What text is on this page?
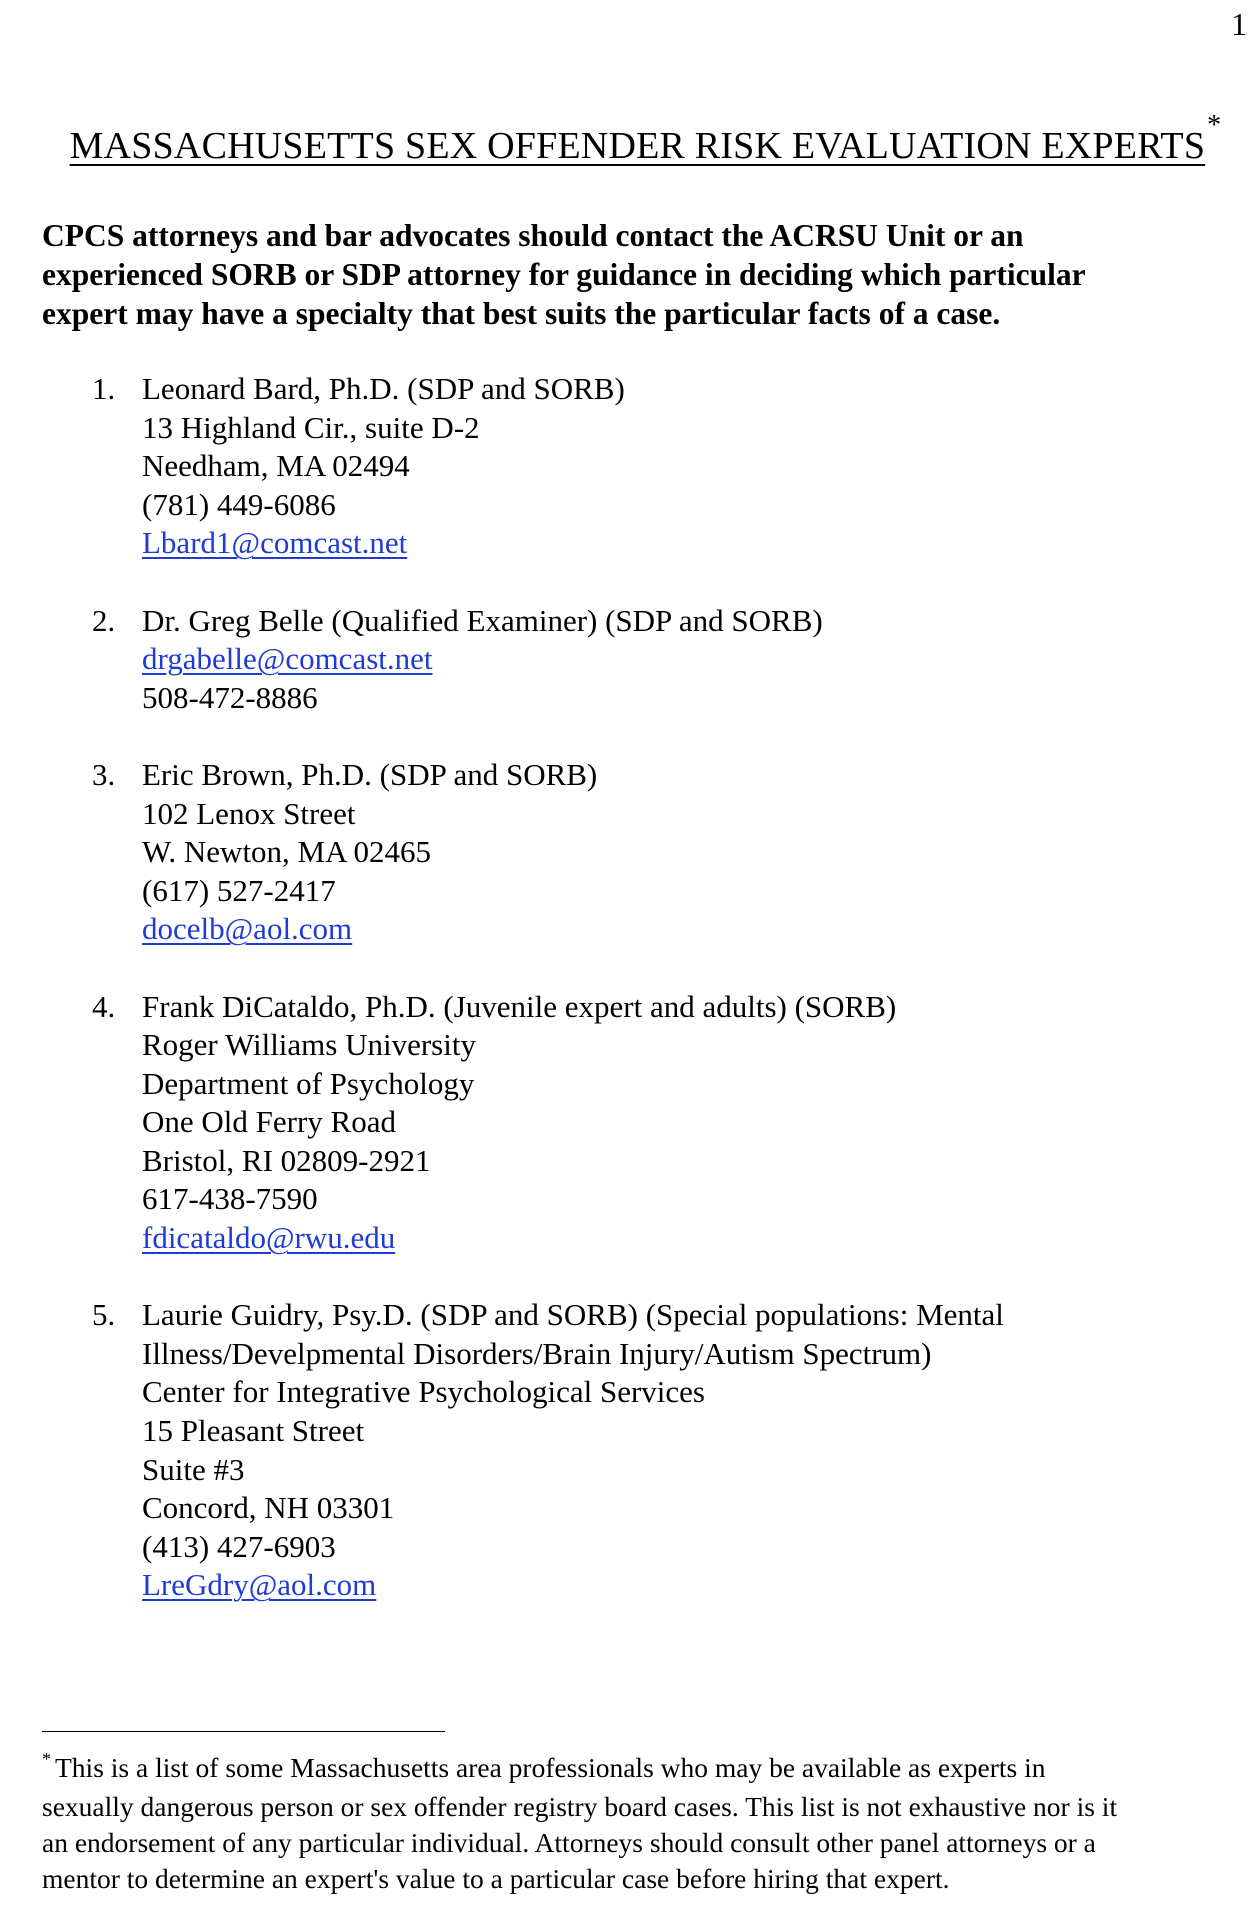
1
MASSACHUSETTS SEX OFFENDER RISK EVALUATION EXPERTS*

CPCS attorneys and bar advocates should contact the ACRSU Unit or an

experienced SORB or SDP attorney for guidance in deciding which particular

expert may have a specialty that best suits the particular facts of a case.

1. Leonard Bard, Ph.D. (SDP and SORB)
13 Highland Cir., suite D-2
Needham, MA 02494
(781) 449-6086
Lbard1@comcast.net
2. Dr. Greg Belle (Qualified Examiner) (SDP and SORB)
drgabelle@comcast.net
508-472-8886
3. Eric Brown, Ph.D. (SDP and SORB)
102 Lenox Street
W. Newton, MA 02465
(617) 527-2417
docelb@aol.com
4. Frank DiCataldo, Ph.D. (Juvenile expert and adults) (SORB)
Roger Williams University
Department of Psychology
One Old Ferry Road
Bristol, RI 02809-2921
617-438-7590
fdicataldo@rwu.edu
5. Laurie Guidry, Psy.D. (SDP and SORB) (Special populations: Mental
Illness/Develpmental Disorders/Brain Injury/Autism Spectrum)
Center for Integrative Psychological Services
15 Pleasant Street
Suite #3
Concord, NH 03301
(413) 427-6903
LreGdry@aol.com

* This is a list of some Massachusetts area professionals who may be available as experts in

sexually dangerous person or sex offender registry board cases. This list is not exhaustive nor is it

an endorsement of any particular individual. Attorneys should consult other panel attorneys or a

mentor to determine an expert's value to a particular case before hiring that expert.
